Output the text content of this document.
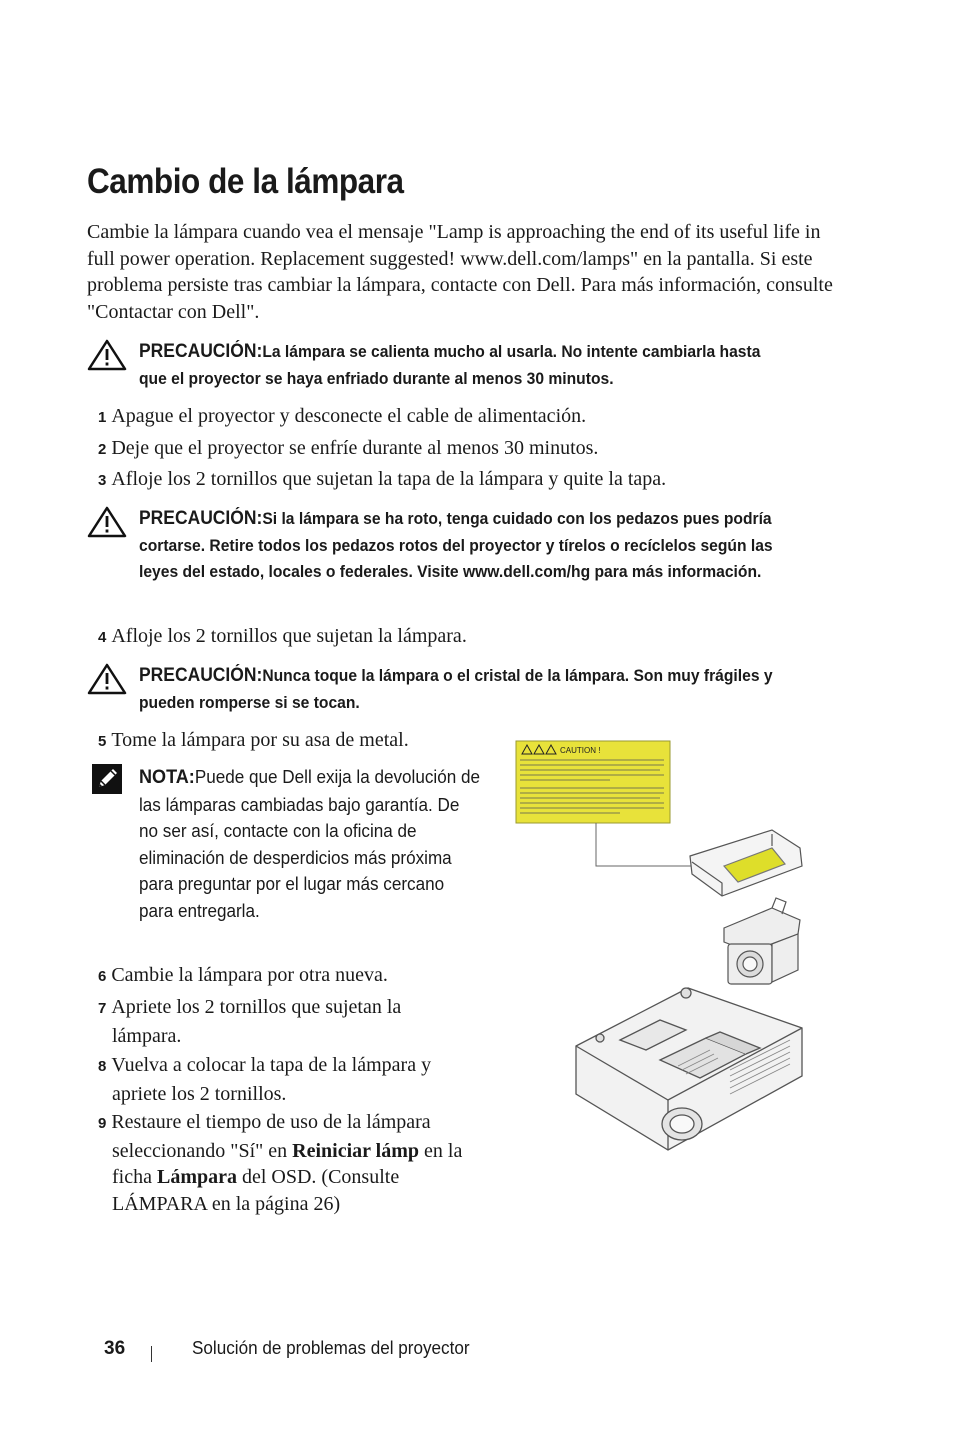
Cambio de la lámpara

Cambie la lámpara cuando vea el mensaje "Lamp is approaching the end of its useful life in full power operation. Replacement suggested! www.dell.com/lamps" en la pantalla. Si este problema persiste tras cambiar la lámpara, contacte con Dell. Para más información, consulte "Contactar con Dell".

PRECAUCIÓN:La lámpara se calienta mucho al usarla. No intente cambiarla hasta que el proyector se haya enfriado durante al menos 30 minutos.

1 Apague el proyector y desconecte el cable de alimentación.

2 Deje que el proyector se enfríe durante al menos 30 minutos.

3 Afloje los 2 tornillos que sujetan la tapa de la lámpara y quite la tapa.

PRECAUCIÓN:Si la lámpara se ha roto, tenga cuidado con los pedazos pues podría cortarse. Retire todos los pedazos rotos del proyector y tírelos o recíclelos según las leyes del estado, locales o federales. Visite www.dell.com/hg para más información.

4 Afloje los 2 tornillos que sujetan la lámpara.

PRECAUCIÓN:Nunca toque la lámpara o el cristal de la lámpara. Son muy frágiles y pueden romperse si se tocan.

5 Tome la lámpara por su asa de metal.

NOTA:Puede que Dell exija la devolución de las lámparas cambiadas bajo garantía. De no ser así, contacte con la oficina de eliminación de desperdicios más próxima para preguntar por el lugar más cercano para entregarla.

6 Cambie la lámpara por otra nueva.

7 Apriete los 2 tornillos que sujetan la lámpara.

8 Vuelva a colocar la tapa de la lámpara y apriete los 2 tornillos.

9 Restaure el tiempo de uso de la lámpara seleccionando "Sí" en Reiniciar lámp en la ficha Lámpara del OSD. (Consulte LÁMPARA en la página 26)

CAUTION !
36	Solución de problemas del proyector
